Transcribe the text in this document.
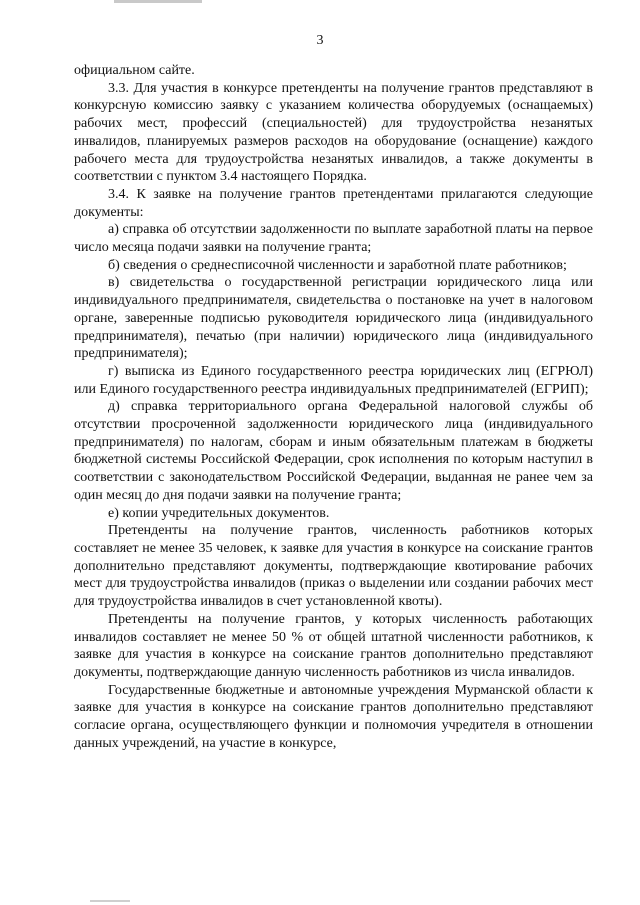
3

официальном сайте.

3.3. Для участия в конкурсе претенденты на получение грантов представляют в конкурсную комиссию заявку с указанием количества оборудуемых (оснащаемых) рабочих мест, профессий (специальностей) для трудоустройства незанятых инвалидов, планируемых размеров расходов на оборудование (оснащение) каждого рабочего места для трудоустройства незанятых инвалидов, а также документы в соответствии с пунктом 3.4 настоящего Порядка.

3.4. К заявке на получение грантов претендентами прилагаются следующие документы:

а) справка об отсутствии задолженности по выплате заработной платы на первое число месяца подачи заявки на получение гранта;

б) сведения о среднесписочной численности и заработной плате работников;

в) свидетельства о государственной регистрации юридического лица или индивидуального предпринимателя, свидетельства о постановке на учет в налоговом органе, заверенные подписью руководителя юридического лица (индивидуального предпринимателя), печатью (при наличии) юридического лица (индивидуального предпринимателя);

г) выписка из Единого государственного реестра юридических лиц (ЕГРЮЛ) или Единого государственного реестра индивидуальных предпринимателей (ЕГРИП);

д) справка территориального органа Федеральной налоговой службы об отсутствии просроченной задолженности юридического лица (индивидуального предпринимателя) по налогам, сборам и иным обязательным платежам в бюджеты бюджетной системы Российской Федерации, срок исполнения по которым наступил в соответствии с законодательством Российской Федерации, выданная не ранее чем за один месяц до дня подачи заявки на получение гранта;

е) копии учредительных документов.

Претенденты на получение грантов, численность работников которых составляет не менее 35 человек, к заявке для участия в конкурсе на соискание грантов дополнительно представляют документы, подтверждающие квотирование рабочих мест для трудоустройства инвалидов (приказ о выделении или создании рабочих мест для трудоустройства инвалидов в счет установленной квоты).

Претенденты на получение грантов, у которых численность работающих инвалидов составляет не менее 50 % от общей штатной численности работников, к заявке для участия в конкурсе на соискание грантов дополнительно представляют документы, подтверждающие данную численность работников из числа инвалидов.

Государственные бюджетные и автономные учреждения Мурманской области к заявке для участия в конкурсе на соискание грантов дополнительно представляют согласие органа, осуществляющего функции и полномочия учредителя в отношении данных учреждений, на участие в конкурсе,
